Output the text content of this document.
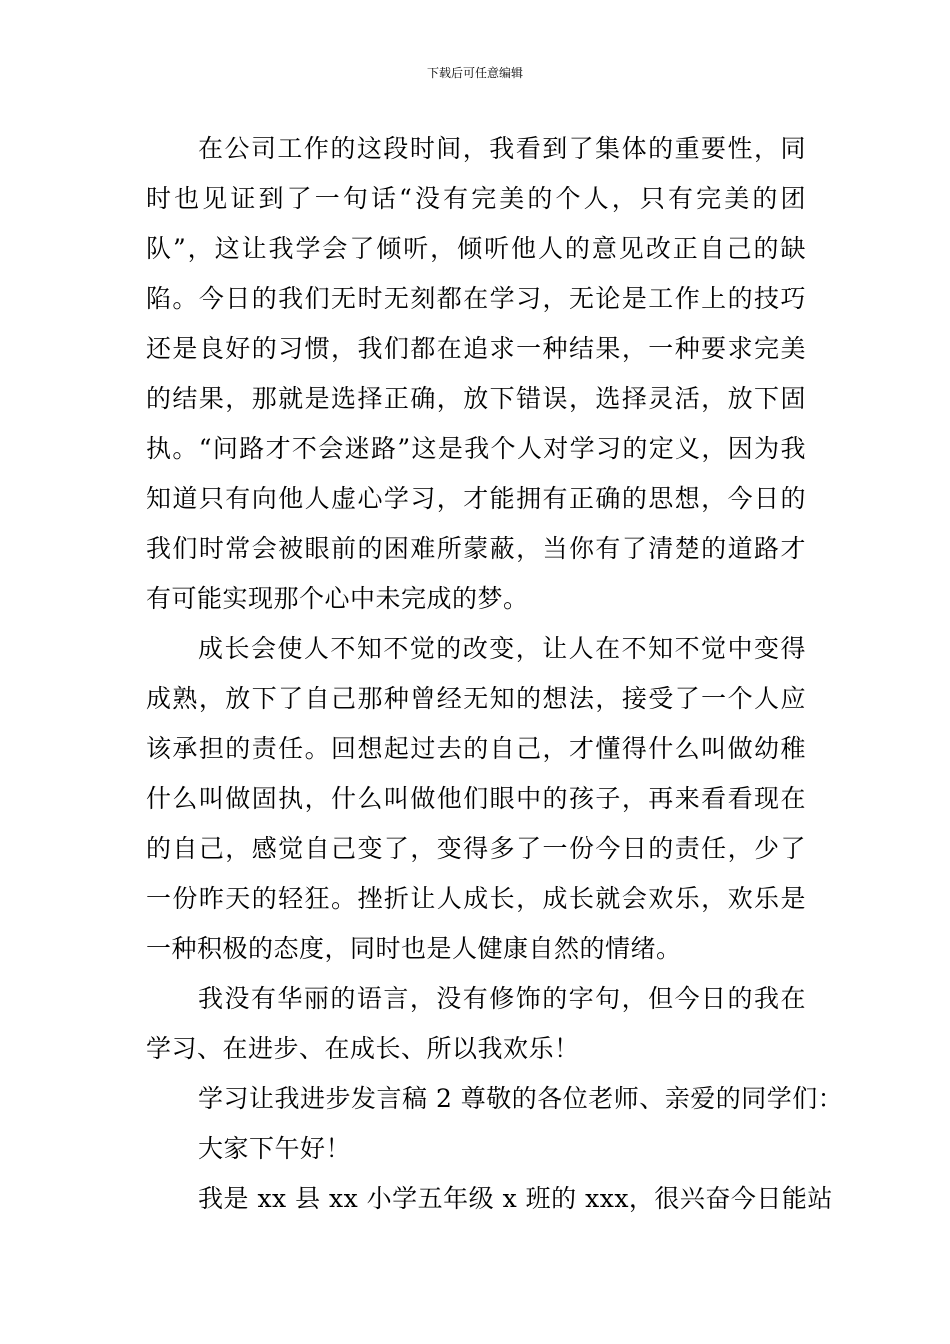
下载后可任意编辑

在公司工作的这段时间，我看到了集体的重要性，同时也见证到了一句话“没有完美的个人，只有完美的团队”，这让我学会了倾听，倾听他人的意见改正自己的缺陷。今日的我们无时无刻都在学习，无论是工作上的技巧还是良好的习惯，我们都在追求一种结果，一种要求完美的结果，那就是选择正确，放下错误，选择灵活，放下固执。“问路才不会迷路”这是我个人对学习的定义，因为我知道只有向他人虚心学习，才能拥有正确的思想，今日的我们时常会被眼前的困难所蒙蔽，当你有了清楚的道路才有可能实现那个心中未完成的梦。

成长会使人不知不觉的改变，让人在不知不觉中变得成熟，放下了自己那种曾经无知的想法，接受了一个人应该承担的责任。回想起过去的自己，才懂得什么叫做幼稚什么叫做固执，什么叫做他们眼中的孩子，再来看看现在的自己，感觉自己变了，变得多了一份今日的责任，少了一份昨天的轻狂。挫折让人成长，成长就会欢乐，欢乐是一种积极的态度，同时也是人健康自然的情绪。

我没有华丽的语言，没有修饰的字句，但今日的我在学习、在进步、在成长、所以我欢乐！

学习让我进步发言稿 2 尊敬的各位老师、亲爱的同学们：

大家下午好！

我是 xx 县 xx 小学五年级 x 班的 xxx，很兴奋今日能站
